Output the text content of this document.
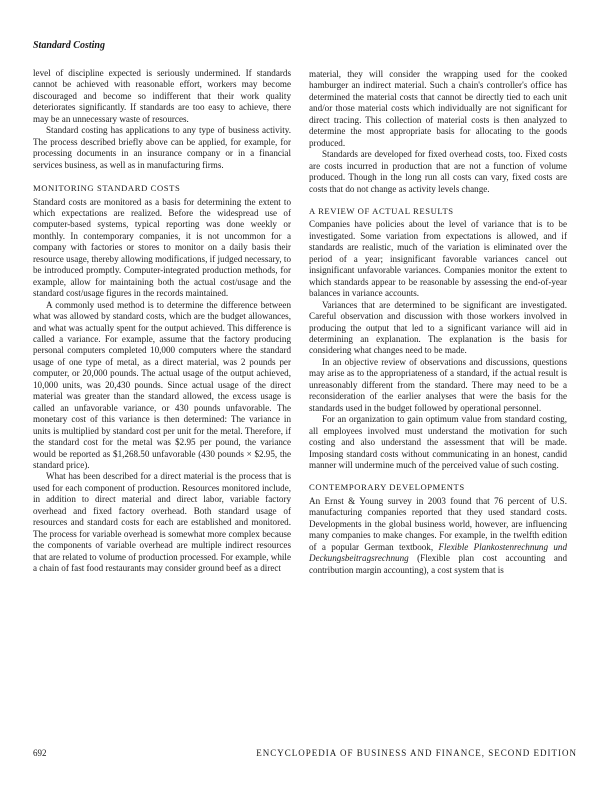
Standard Costing

level of discipline expected is seriously undermined. If standards cannot be achieved with reasonable effort, workers may become discouraged and become so indifferent that their work quality deteriorates significantly. If standards are too easy to achieve, there may be an unnecessary waste of resources.

Standard costing has applications to any type of business activity. The process described briefly above can be applied, for example, for processing documents in an insurance company or in a financial services business, as well as in manufacturing firms.

MONITORING STANDARD COSTS

Standard costs are monitored as a basis for determining the extent to which expectations are realized. Before the widespread use of computer-based systems, typical reporting was done weekly or monthly. In contemporary companies, it is not uncommon for a company with factories or stores to monitor on a daily basis their resource usage, thereby allowing modifications, if judged necessary, to be introduced promptly. Computer-integrated production methods, for example, allow for maintaining both the actual cost/usage and the standard cost/usage figures in the records maintained.

A commonly used method is to determine the difference between what was allowed by standard costs, which are the budget allowances, and what was actually spent for the output achieved. This difference is called a variance. For example, assume that the factory producing personal computers completed 10,000 computers where the standard usage of one type of metal, as a direct material, was 2 pounds per computer, or 20,000 pounds. The actual usage of the output achieved, 10,000 units, was 20,430 pounds. Since actual usage of the direct material was greater than the standard allowed, the excess usage is called an unfavorable variance, or 430 pounds unfavorable. The monetary cost of this variance is then determined: The variance in units is multiplied by standard cost per unit for the metal. Therefore, if the standard cost for the metal was $2.95 per pound, the variance would be reported as $1,268.50 unfavorable (430 pounds × $2.95, the standard price).

What has been described for a direct material is the process that is used for each component of production. Resources monitored include, in addition to direct material and direct labor, variable factory overhead and fixed factory overhead. Both standard usage of resources and standard costs for each are established and monitored. The process for variable overhead is somewhat more complex because the components of variable overhead are multiple indirect resources that are related to volume of production processed. For example, while a chain of fast food restaurants may consider ground beef as a direct

material, they will consider the wrapping used for the cooked hamburger an indirect material. Such a chain's controller's office has determined the material costs that cannot be directly tied to each unit and/or those material costs which individually are not significant for direct tracing. This collection of material costs is then analyzed to determine the most appropriate basis for allocating to the goods produced.

Standards are developed for fixed overhead costs, too. Fixed costs are costs incurred in production that are not a function of volume produced. Though in the long run all costs can vary, fixed costs are costs that do not change as activity levels change.

A REVIEW OF ACTUAL RESULTS

Companies have policies about the level of variance that is to be investigated. Some variation from expectations is allowed, and if standards are realistic, much of the variation is eliminated over the period of a year; insignificant favorable variances cancel out insignificant unfavorable variances. Companies monitor the extent to which standards appear to be reasonable by assessing the end-of-year balances in variance accounts.

Variances that are determined to be significant are investigated. Careful observation and discussion with those workers involved in producing the output that led to a significant variance will aid in determining an explanation. The explanation is the basis for considering what changes need to be made.

In an objective review of observations and discussions, questions may arise as to the appropriateness of a standard, if the actual result is unreasonably different from the standard. There may need to be a reconsideration of the earlier analyses that were the basis for the standards used in the budget followed by operational personnel.

For an organization to gain optimum value from standard costing, all employees involved must understand the motivation for such costing and also understand the assessment that will be made. Imposing standard costs without communicating in an honest, candid manner will undermine much of the perceived value of such costing.

CONTEMPORARY DEVELOPMENTS

An Ernst & Young survey in 2003 found that 76 percent of U.S. manufacturing companies reported that they used standard costs. Developments in the global business world, however, are influencing many companies to make changes. For example, in the twelfth edition of a popular German textbook, Flexible Plankostenrechnung und Deckungsbeitragsrechnung (Flexible plan cost accounting and contribution margin accounting), a cost system that is

692	ENCYCLOPEDIA OF BUSINESS AND FINANCE, SECOND EDITION
